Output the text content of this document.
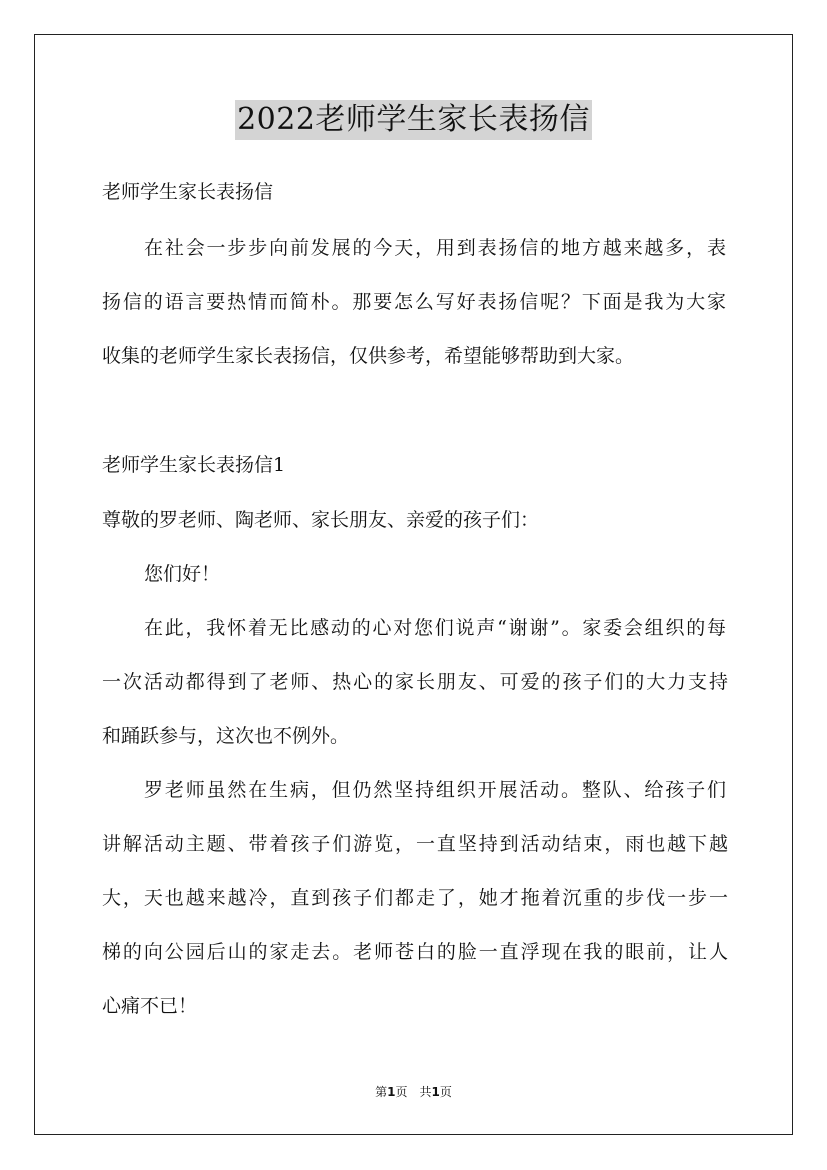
2022老师学生家长表扬信
老师学生家长表扬信
在社会一步步向前发展的今天，用到表扬信的地方越来越多，表
扬信的语言要热情而简朴。那要怎么写好表扬信呢？下面是我为大家
收集的老师学生家长表扬信，仅供参考，希望能够帮助到大家。
老师学生家长表扬信1
尊敬的罗老师、陶老师、家长朋友、亲爱的孩子们：
您们好！
在此，我怀着无比感动的心对您们说声“谢谢”。家委会组织的每
一次活动都得到了老师、热心的家长朋友、可爱的孩子们的大力支持
和踊跃参与，这次也不例外。
罗老师虽然在生病，但仍然坚持组织开展活动。整队、给孩子们
讲解活动主题、带着孩子们游览，一直坚持到活动结束，雨也越下越
大，天也越来越冷，直到孩子们都走了，她才拖着沉重的步伐一步一
梯的向公园后山的家走去。老师苍白的脸一直浮现在我的眼前，让人
心痛不已！
第1页　共1页
